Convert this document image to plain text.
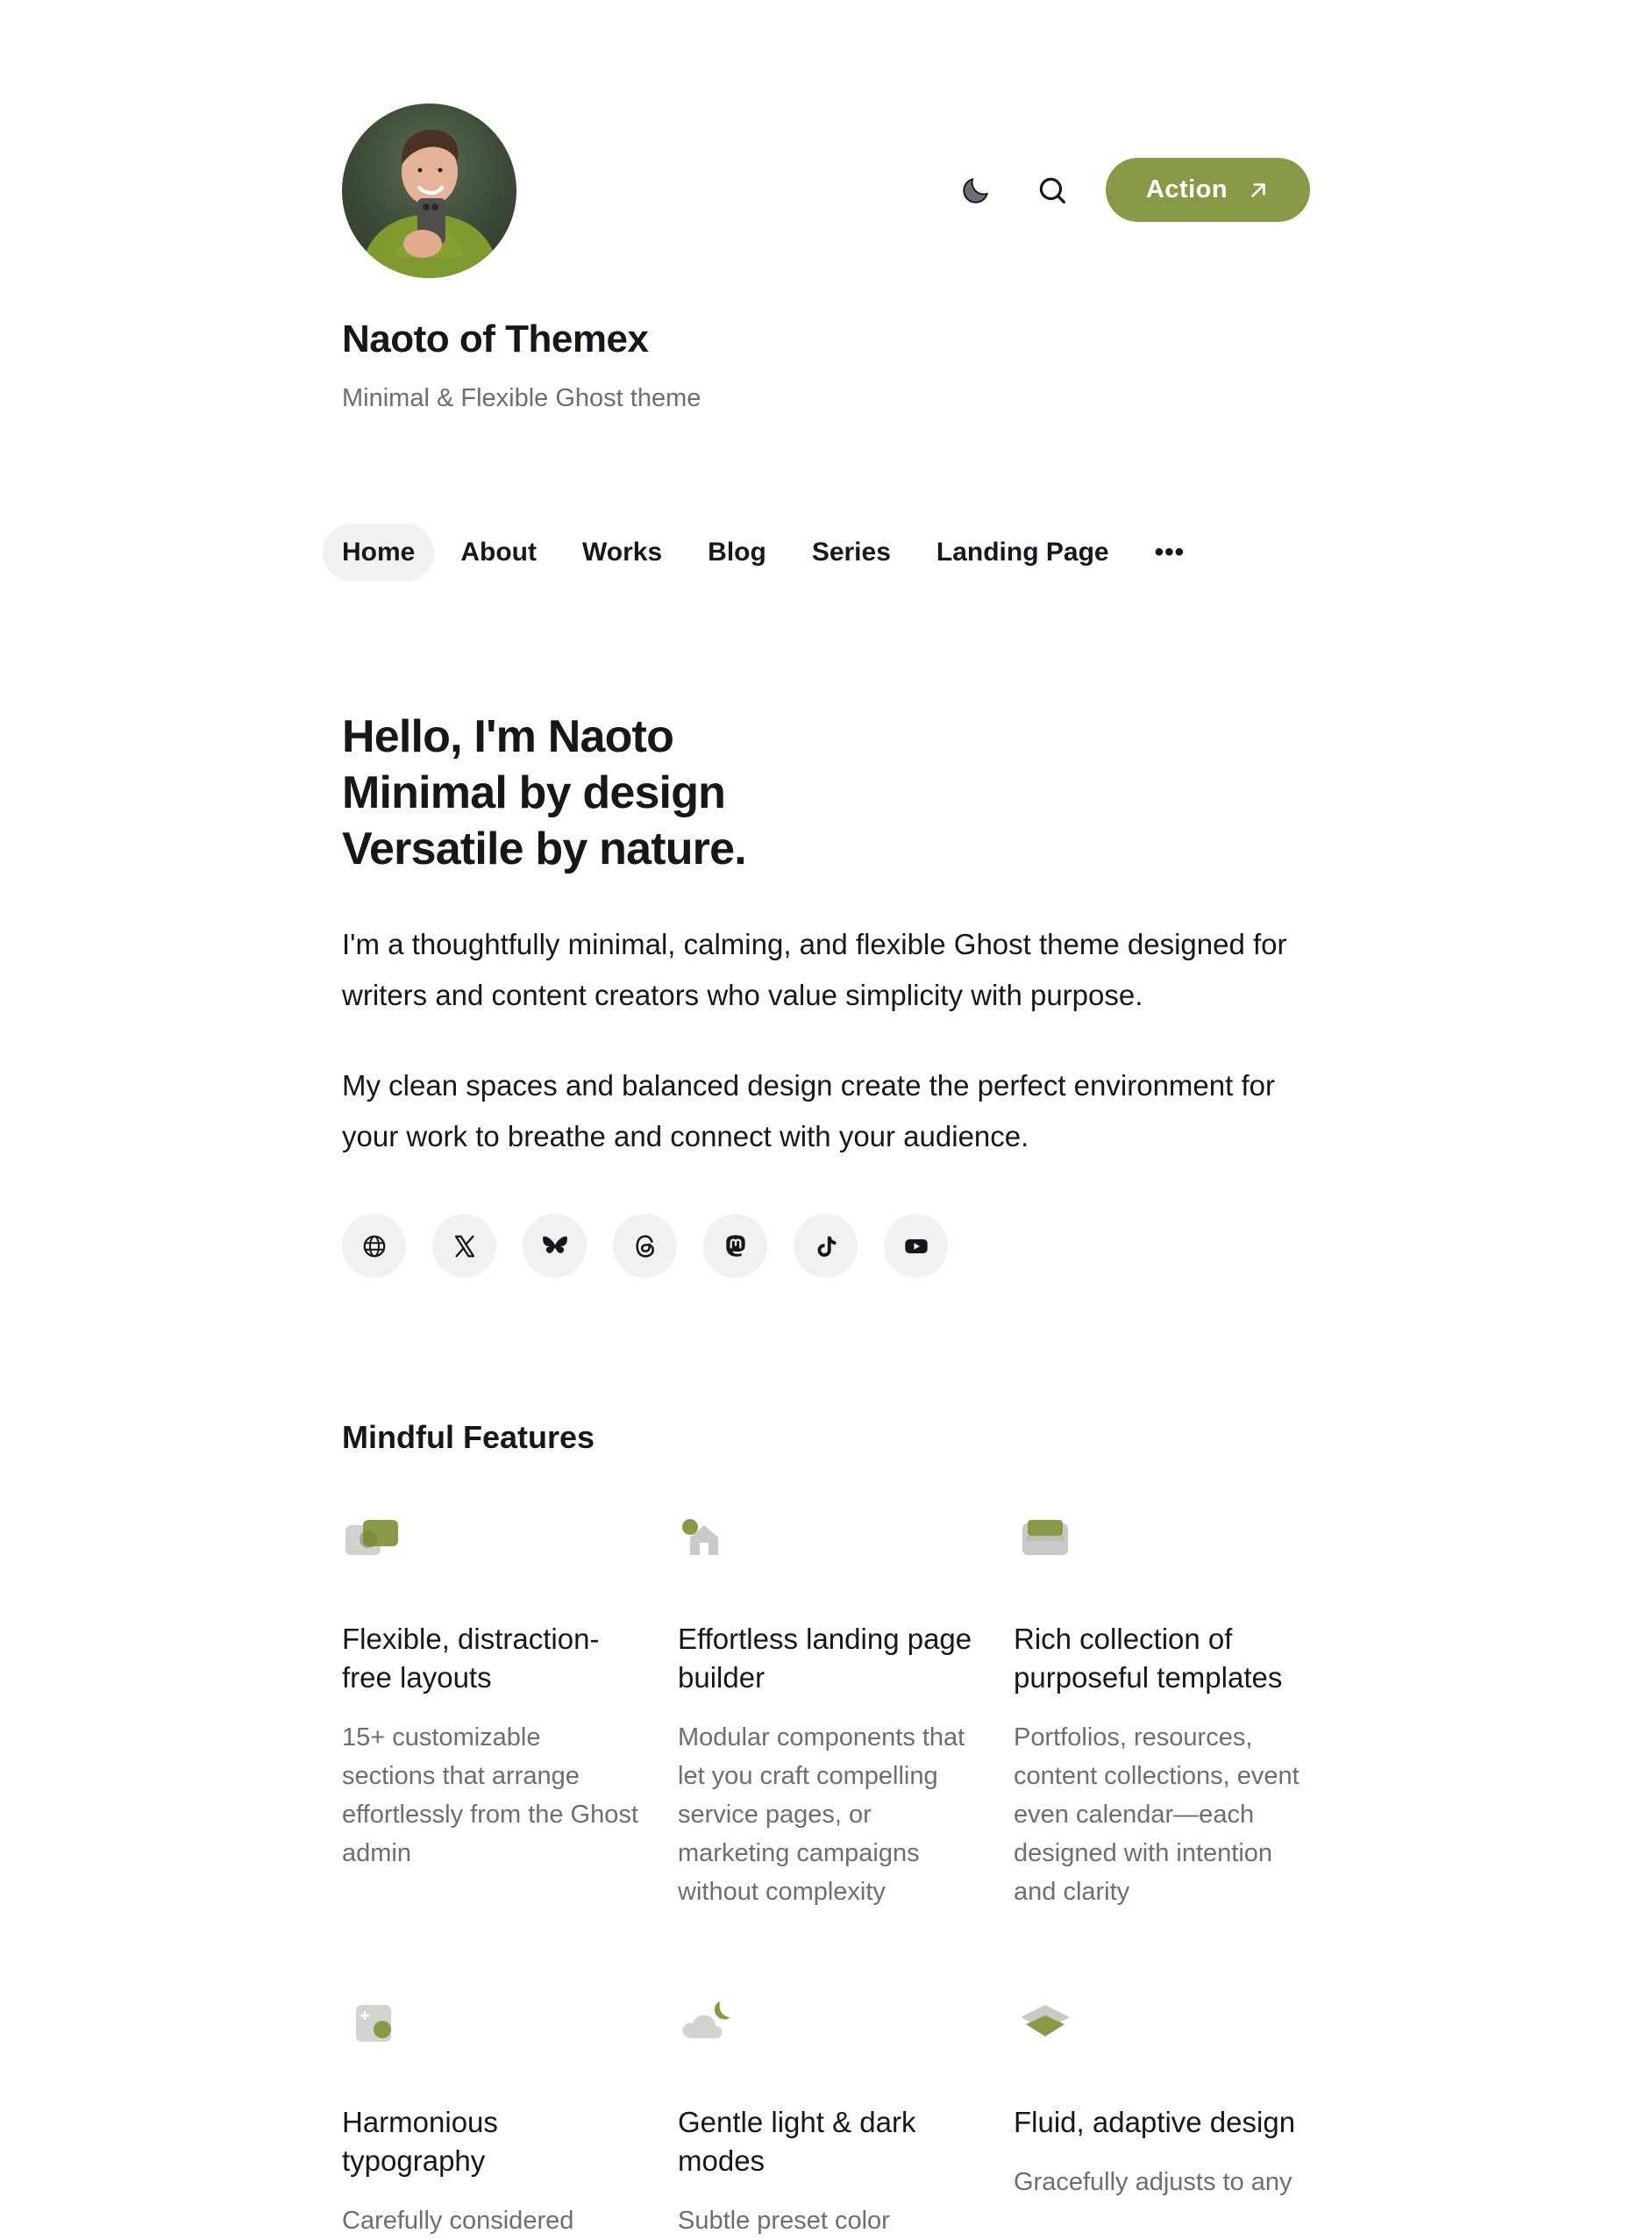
Action
Naoto of Themex

Minimal & Flexible Ghost theme

Home	About	Works	Blog	Series	Landing Page	•••
Hello, I'm Naoto
Minimal by design
Versatile by nature.

I'm a thoughtfully minimal, calming, and flexible Ghost theme designed for writers and content creators who value simplicity with purpose.

My clean spaces and balanced design create the perfect environment for your work to breathe and connect with your audience.

Mindful Features

Flexible, distraction-free layouts

15+ customizable sections that arrange effortlessly from the Ghost admin

Effortless landing page builder

Modular components that let you craft compelling service pages, or marketing campaigns without complexity

Rich collection of purposeful templates

Portfolios, resources, content collections, event even calendar—each designed with intention and clarity

Harmonious typography

Carefully considered

Gentle light & dark modes

Subtle preset color

Fluid, adaptive design

Gracefully adjusts to any
